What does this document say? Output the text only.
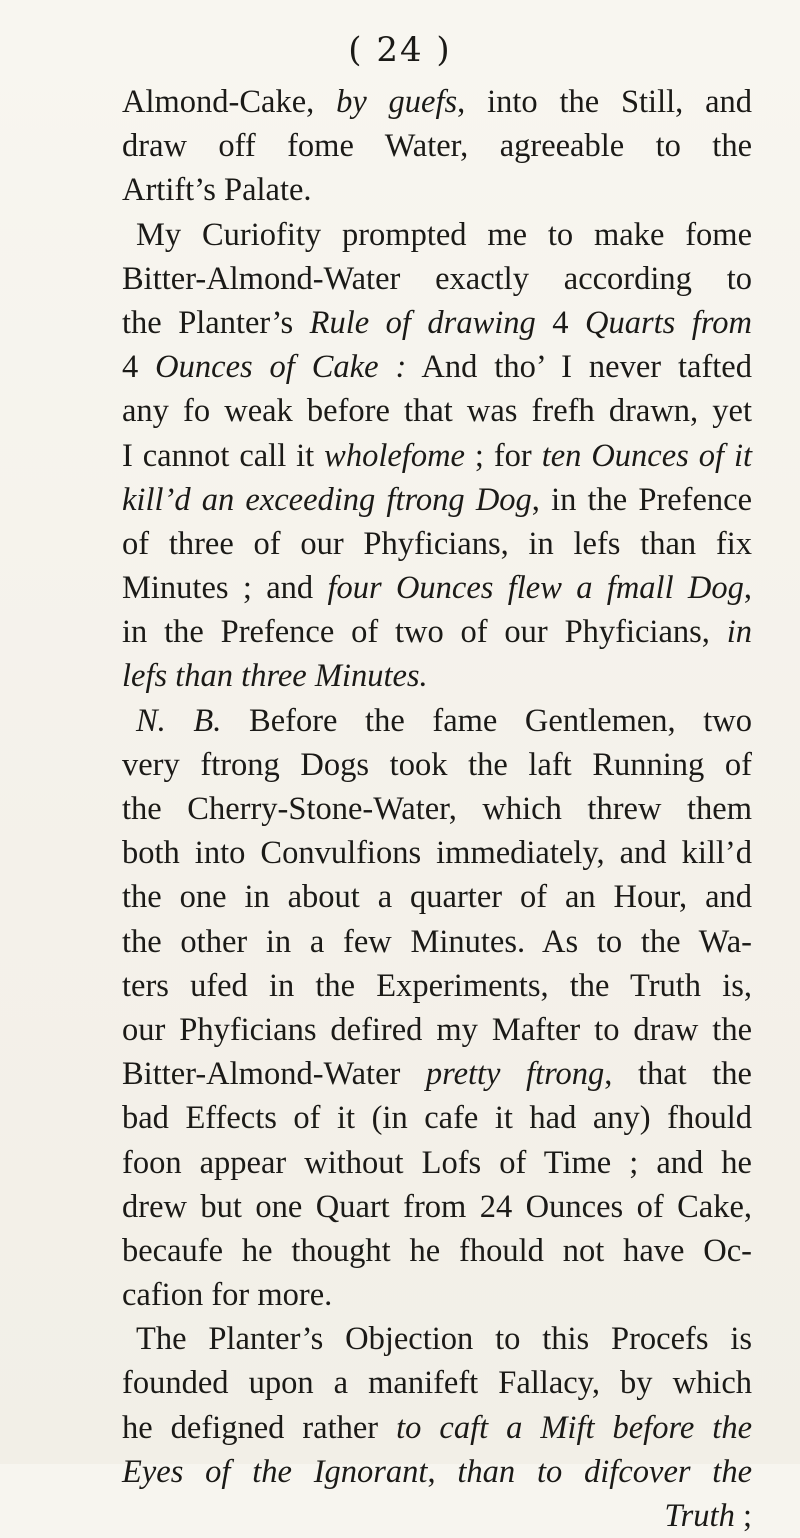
( 24 )
Almond-Cake, by guefs, into the Still, and
draw off fome Water, agreeable to the
Artift’s Palate.
My Curiofity prompted me to make fome
Bitter-Almond-Water exactly according to
the Planter’s Rule of drawing 4 Quarts from
4 Ounces of Cake : And tho’ I never tafted
any fo weak before that was frefh drawn, yet
I cannot call it wholefome ; for ten Ounces of it
kill’d an exceeding ftrong Dog, in the Prefence
of three of our Phyficians, in lefs than fix
Minutes ; and four Ounces flew a fmall Dog,
in the Prefence of two of our Phyficians, in
lefs than three Minutes.
N. B. Before the fame Gentlemen, two
very ftrong Dogs took the laft Running of
the Cherry-Stone-Water, which threw them
both into Convulfions immediately, and kill’d
the one in about a quarter of an Hour, and
the other in a few Minutes. As to the Wa-
ters ufed in the Experiments, the Truth is,
our Phyficians defired my Mafter to draw the
Bitter-Almond-Water pretty ftrong, that the
bad Effects of it (in cafe it had any) fhould
foon appear without Lofs of Time ; and he
drew but one Quart from 24 Ounces of Cake,
becaufe he thought he fhould not have Oc-
cafion for more.
The Planter’s Objection to this Procefs is
founded upon a manifeft Fallacy, by which
he defigned rather to caft a Mift before the
Eyes of the Ignorant, than to difcover the
Truth ;
